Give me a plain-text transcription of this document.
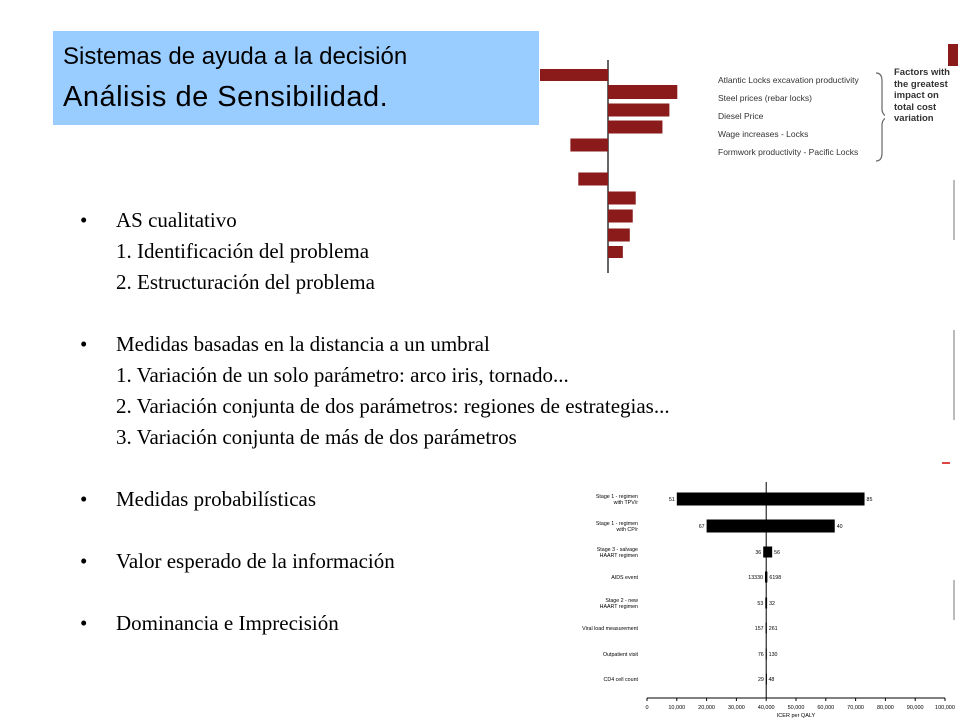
Sistemas de ayuda a la decisión
Análisis de Sensibilidad.
Atlantic Locks excavation productivity
Steel prices (rebar locks)
Diesel Price
Wage increases - Locks
Formwork productivity - Pacific Locks
Factors with the greatest impact on total cost variation
• AS cualitativo
1. Identificación del problema
2. Estructuración del problema
• Medidas basadas en la distancia a un umbral
1. Variación de un solo parámetro: arco iris, tornado...
2. Variación conjunta de dos parámetros: regiones de estrategias...
3. Variación conjunta de más de dos parámetros
• Medidas probabilísticas
• Valor esperado de la información
• Dominancia e Imprecisión
0	10,000 20,000 30,000 40,000 50,000 60,000 70,000 80,000 90,000 100,000
ICER per QALY
Stage 1 - regimen
with TPV/r	51	85
Stage 1 - regimen
with CP/r	67	40
Stage 3 - salvage
HAART regimen	36 56
AIDS event	13330 6198
Stage 2 - new
HAART regimen	53 32
Viral load measurement	157 261
Outpatient visit	76 130
CD4 cell count	29 48
